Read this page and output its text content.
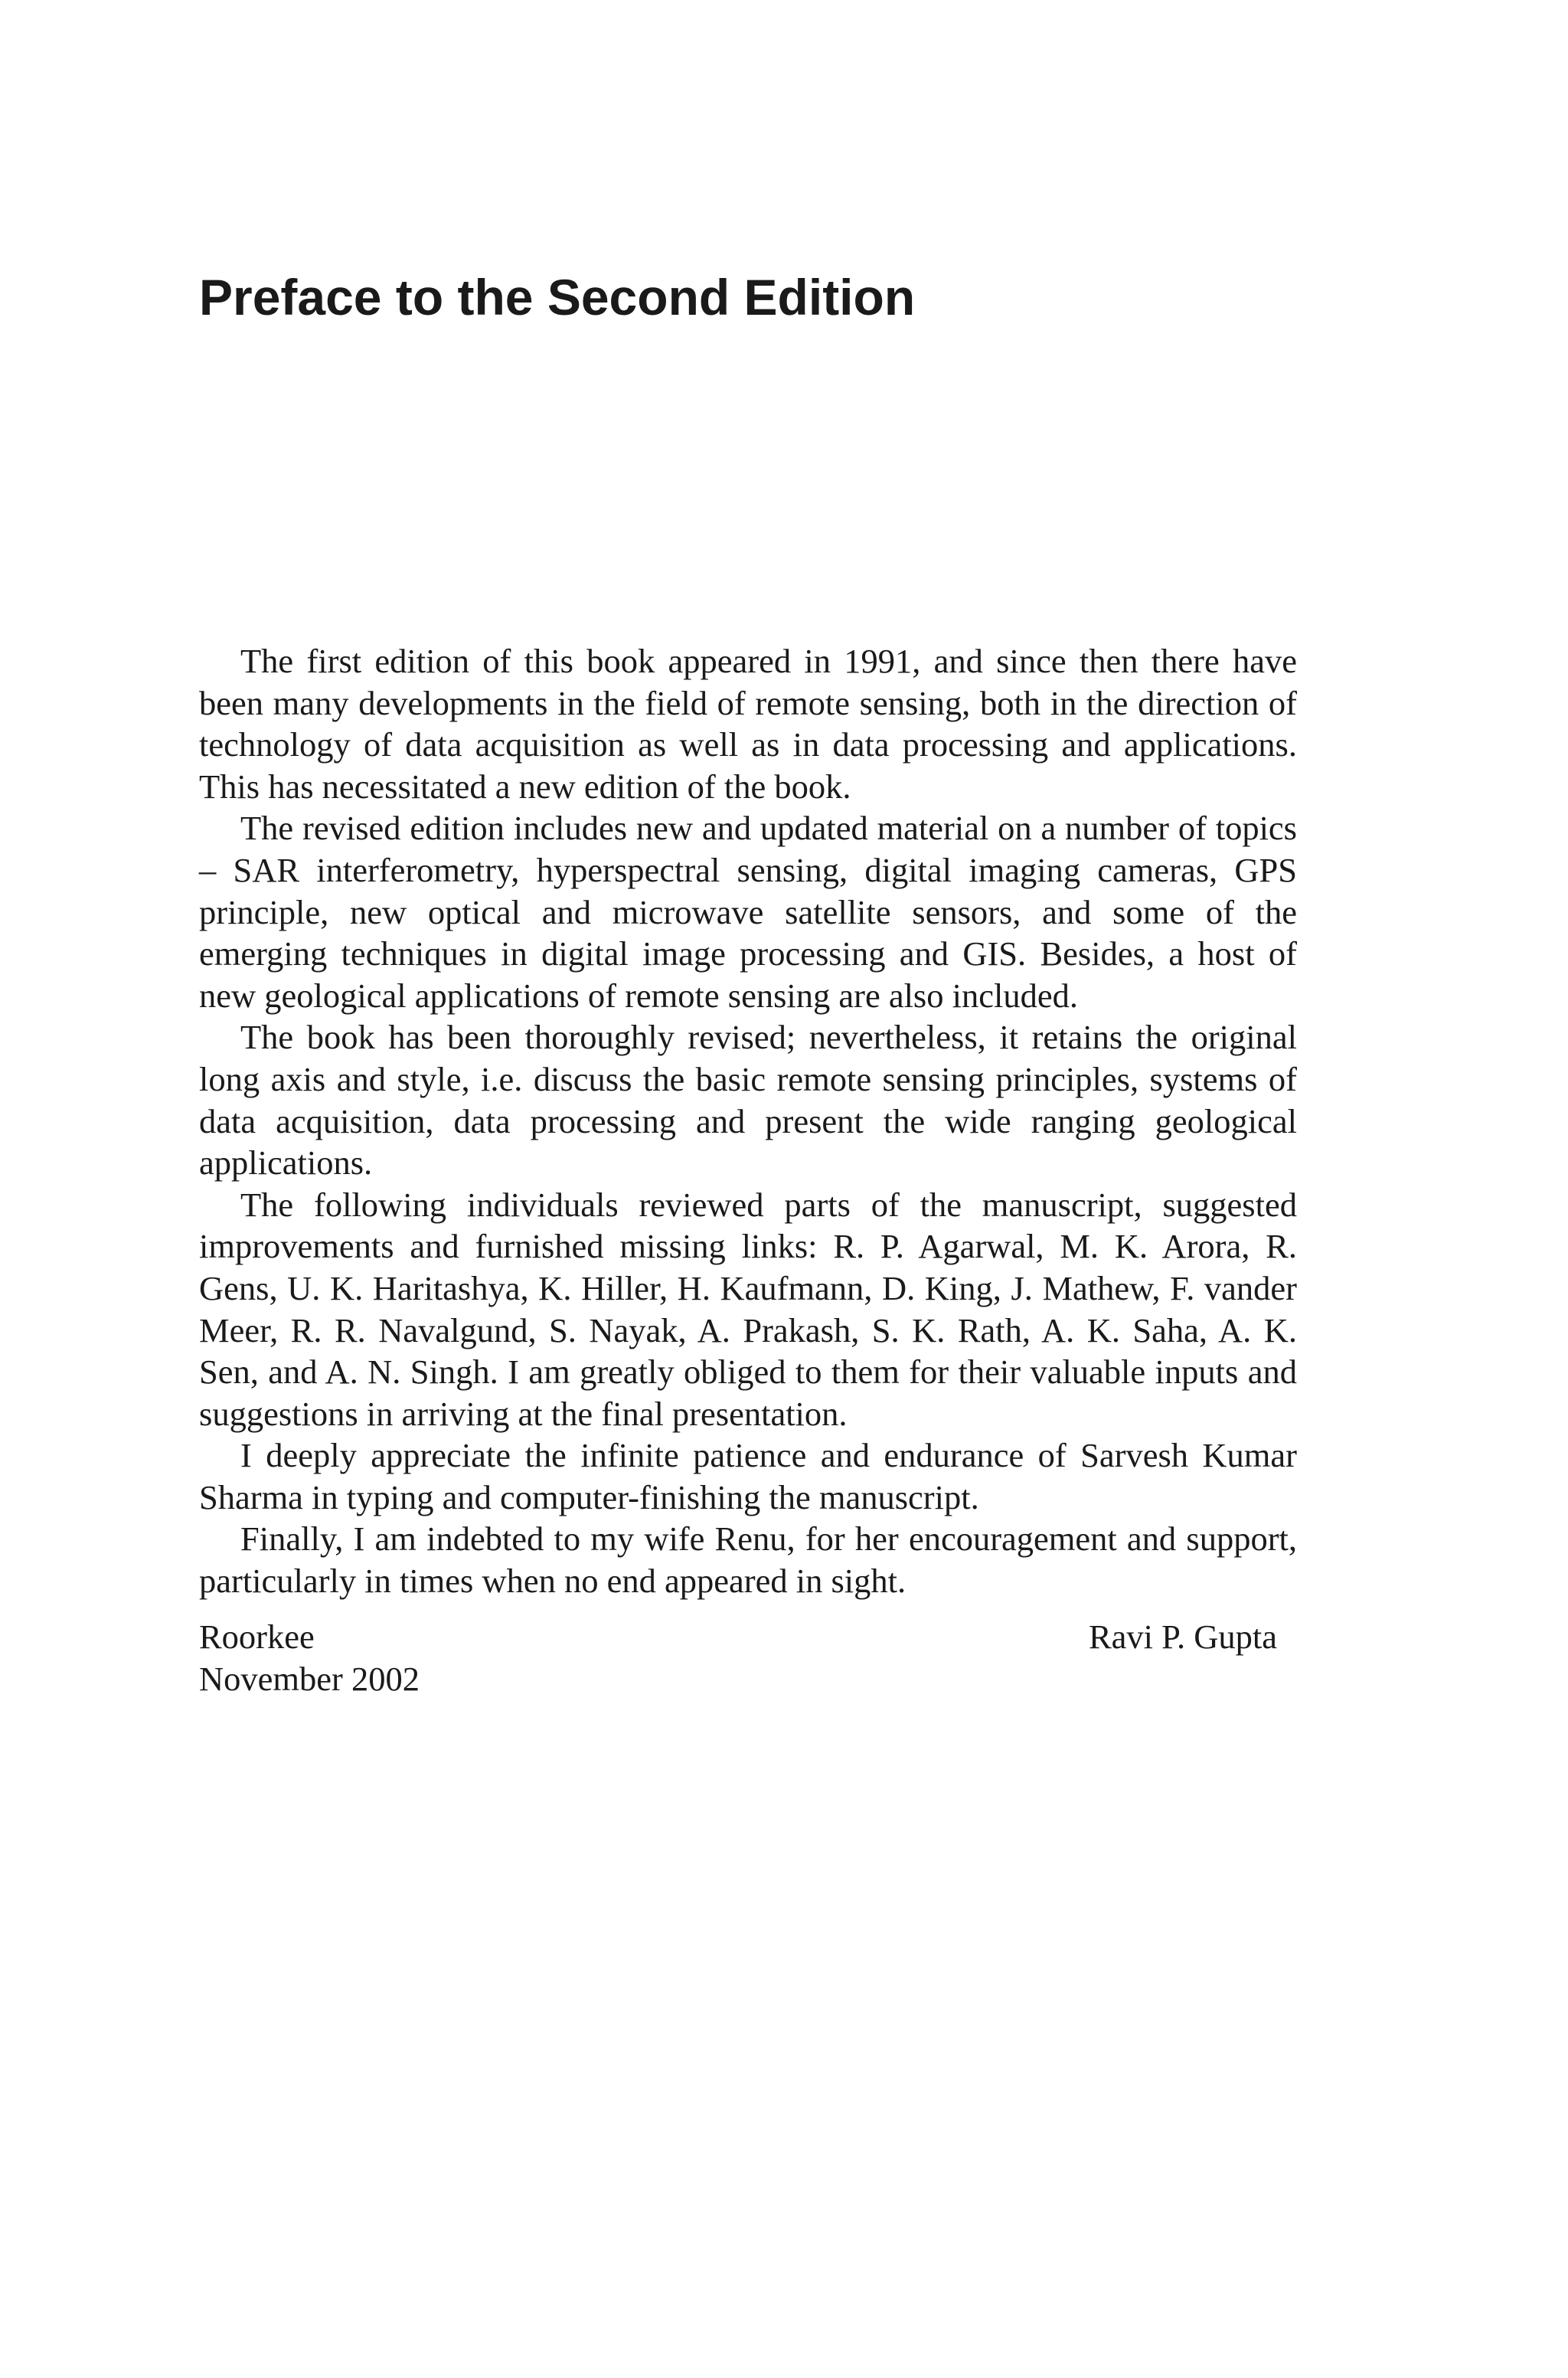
Preface to the Second Edition

The first edition of this book appeared in 1991, and since then there have been many developments in the field of remote sensing, both in the direction of technology of data acquisition as well as in data processing and applications. This has necessitated a new edition of the book.

The revised edition includes new and updated material on a number of topics – SAR interferometry, hyperspectral sensing, digital imaging cameras, GPS principle, new optical and microwave satellite sensors, and some of the emerging techniques in digital image processing and GIS. Besides, a host of new geological applications of remote sensing are also included.

The book has been thoroughly revised; nevertheless, it retains the original long axis and style, i.e. discuss the basic remote sensing principles, systems of data acquisition, data processing and present the wide ranging geological applications.

The following individuals reviewed parts of the manuscript, suggested improvements and furnished missing links: R. P. Agarwal, M. K. Arora, R. Gens, U. K. Haritashya, K. Hiller, H. Kaufmann, D. King, J. Mathew, F. vander Meer, R. R. Navalgund, S. Nayak, A. Prakash, S. K. Rath, A. K. Saha, A. K. Sen, and A. N. Singh. I am greatly obliged to them for their valuable inputs and suggestions in arriving at the final presentation.

I deeply appreciate the infinite patience and endurance of Sarvesh Kumar Sharma in typing and computer-finishing the manuscript.

Finally, I am indebted to my wife Renu, for her encouragement and support, particularly in times when no end appeared in sight.

Roorkee
November 2002
Ravi P. Gupta
